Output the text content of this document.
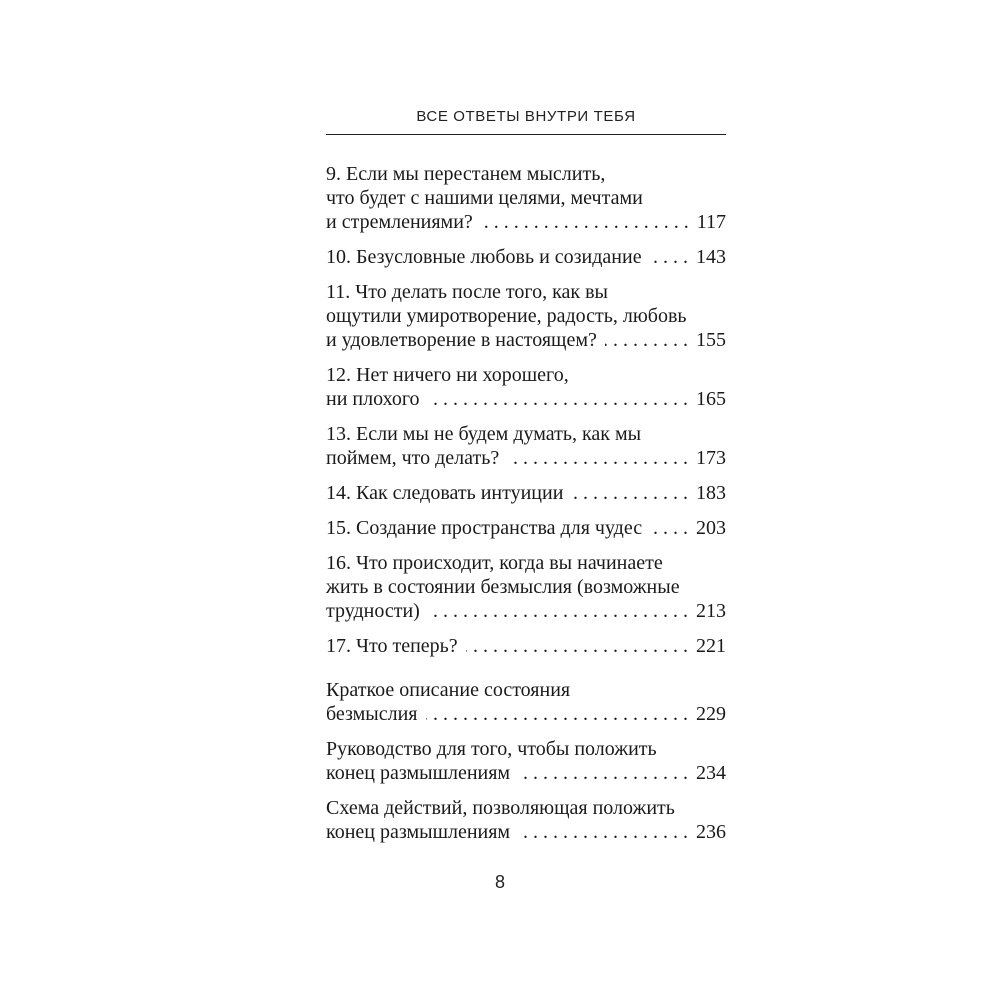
ВСЕ ОТВЕТЫ ВНУТРИ ТЕБЯ
9. Если мы перестанем мыслить,
что будет с нашими целями, мечтами
и стремлениями? . . .	117
10. Безусловные любовь и созидание . . .	143
11. Что делать после того, как вы
ощутили умиротворение, радость, любовь
и удовлетворение в настоящем? . . .	155
12. Нет ничего ни хорошего,
ни плохого . . .	165
13. Если мы не будем думать, как мы
поймем, что делать? . . .	173
14. Как следовать интуиции . . .	183
15. Создание пространства для чудес . . .	203
16. Что происходит, когда вы начинаете
жить в состоянии безмыслия (возможные
трудности) . . .	213
17. Что теперь? . . .	221
Краткое описание состояния
безмыслия . . .	229
Руководство для того, чтобы положить
конец размышлениям . . .	234
Схема действий, позволяющая положить
конец размышлениям . . .	236
8
